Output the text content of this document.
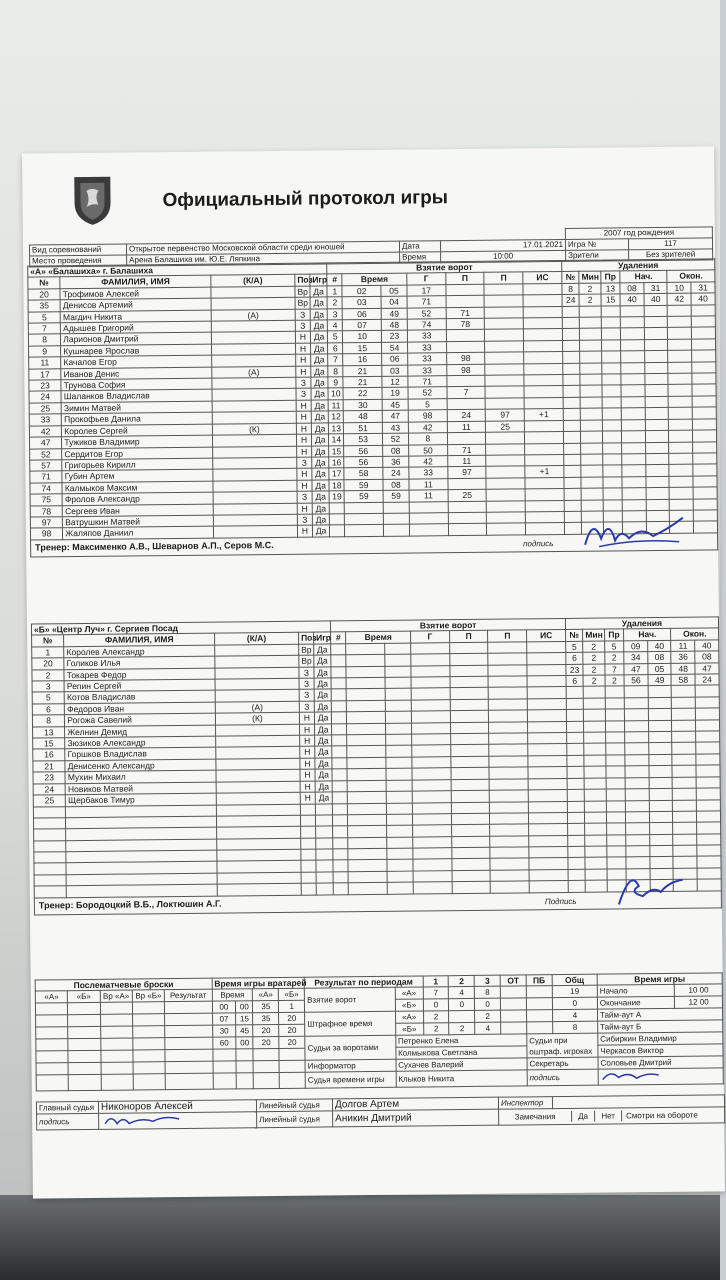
Официальный протокол игры
				2007 год рождения	
Вид соревнований	Открытое первенство Московской области среди юношей	Дата	17.01.2021	Игра №	117
Место проведения	Арена Балашиха им. Ю.Е. Ляпкина	Время	10:00	Зрители	Без зрителей
«А» «Балашиха» г. Балашиха					Взятие ворот							Удаления						
№	ФАМИЛИЯ, ИМЯ	(К/А)	Поз	Игр	#	Время		Г	П	П	ИС	№	Мин	Пр	Нач.		Окон.	
20	Трофимов Алексей		Вр	Да	1	02	05	17				8	2	13	08	31	10	31
35	Денисов Артемий		Вр	Да	2	03	04	71				24	2	15	40	40	42	40
5	Магдич Никита	(А)	З	Да	3	06	49	52	71									
7	Адышев Григорий		З	Да	4	07	48	74	78									
8	Ларионов Дмитрий		Н	Да	5	10	23	33										
9	Кушнарев Ярослав		Н	Да	6	15	54	33										
11	Качалов Егор		Н	Да	7	16	06	33	98									
17	Иванов Денис	(А)	Н	Да	8	21	03	33	98									
23	Трунова София		З	Да	9	21	12	71										
24	Шаланков Владислав		З	Да	10	22	19	52	7									
25	Зимин Матвей		Н	Да	11	30	45	5										
33	Прокофьев Данила		Н	Да	12	48	47	98	24	97	+1							
42	Королев Сергей	(К)	Н	Да	13	51	43	42	11	25								
47	Тужиков Владимир		Н	Да	14	53	52	8										
52	Сердитов Егор		Н	Да	15	56	08	50	71									
57	Григорьев Кирилл		З	Да	16	56	36	42	11									
71	Губин Артем		Н	Да	17	58	24	33	97		+1							
74	Калмыков Максим		Н	Да	18	59	08	11										
75	Фролов Александр		З	Да	19	59	59	11	25									
78	Сергеев Иван		Н	Да														
97	Ватрушкин Матвей		З	Да														
98	Жаляпов Даниил		Н	Да														
Тренер: Максименко А.В., Шеварнов А.П., Серов М.С.	подпись
«Б» «Центр Луч» г. Сергиев Посад					Взятие ворот							Удаления						
№	ФАМИЛИЯ, ИМЯ	(К/А)	Поз	Игр	#	Время		Г	П	П	ИС	№	Мин	Пр	Нач.		Окон.	
1	Королев Александр		Вр	Да								5	2	5	09	40	11	40
20	Голиков Илья		Вр	Да								6	2	2	34	08	36	08
2	Токарев Федор		З	Да								23	2	7	47	05	48	47
3	Репин Сергей		З	Да								6	2	2	56	49	58	24
5	Котов Владислав		З	Да														
6	Федоров Иван	(А)	З	Да														
8	Рогожа Савелий	(К)	Н	Да														
13	Желнин Демид		Н	Да														
15	Зюзиков Александр		Н	Да														
16	Горшков Владислав		Н	Да														
21	Денисенко Александр		Н	Да														
23	Мухин Михаил		Н	Да														
24	Новиков Матвей		Н	Да														
25	Щербаков Тимур		Н	Да														

Тренер: Бородоцкий В.Б., Локтюшин А.Г.	Подпись
Послематчевые броски					Время игры вратарей				Результат по периодам		1	2	3	ОТ	ПБ	Общ	Время игры	
«А»	«Б»	Вр «А»	Вр «Б»	Результат	Время		«А»	«Б»	Взятие ворот	«А»	7	4	8			19	Начало	10 00
					00	00	35	1		«Б»	0	0	0			0	Окончание	12 00
					07	15	35	20	Штрафное время	«А»	2		2			4	Тайм-аут А	
					30	45	20	20		«Б»	2	2	4			8	Тайм-аут Б	
					60	00	20	20	Судьи за воротами	Петренко Елена					Судьи при оштраф. игроках		Сибиркин Владимир	
										Колмыкова Светлана							Черкасов Виктор	
									Информатор	Сухачев Валерий					Секретарь		Соловьев Дмитрий	
									Судья времени игры	Клыков Никита					подпись	
Главный судья	Никоноров Алексей	Линейный судья	Долгов Артем	Инспектор	
подпись		Линейный судья	Аникин Дмитрий	Замечания Да Нет Смотри на обороте	
